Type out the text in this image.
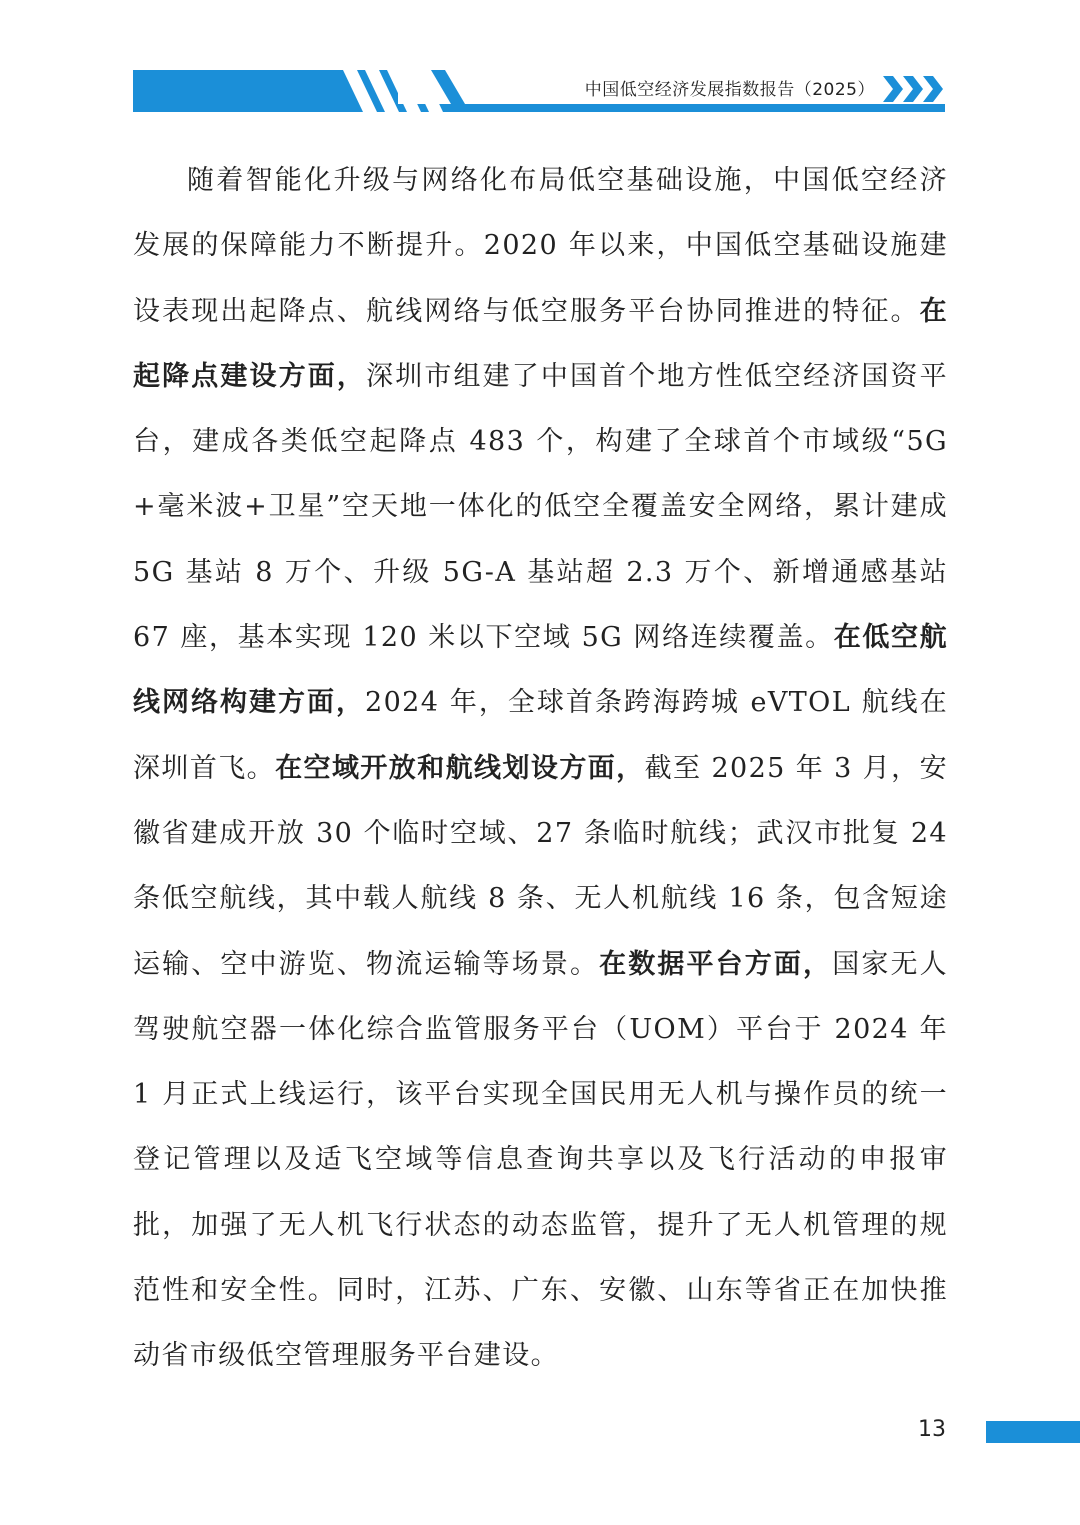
中国低空经济发展指数报告（2025）

随着智能化升级与网络化布局低空基础设施，中国低空经济发展的保障能力不断提升。2020 年以来，中国低空基础设施建设表现出起降点、航线网络与低空服务平台协同推进的特征。在起降点建设方面，深圳市组建了中国首个地方性低空经济国资平台，建成各类低空起降点 483 个，构建了全球首个市域级“5G+毫米波+卫星”空天地一体化的低空全覆盖安全网络，累计建成 5G 基站 8 万个、升级 5G-A 基站超 2.3 万个、新增通感基站 67 座，基本实现 120 米以下空域 5G 网络连续覆盖。在低空航线网络构建方面，2024 年，全球首条跨海跨城 eVTOL 航线在深圳首飞。在空域开放和航线划设方面，截至 2025 年 3 月，安徽省建成开放 30 个临时空域、27 条临时航线；武汉市批复 24 条低空航线，其中载人航线 8 条、无人机航线 16 条，包含短途运输、空中游览、物流运输等场景。在数据平台方面，国家无人驾驶航空器一体化综合监管服务平台（UOM）平台于 2024 年 1 月正式上线运行，该平台实现全国民用无人机与操作员的统一登记管理以及适飞空域等信息查询共享以及飞行活动的申报审批，加强了无人机飞行状态的动态监管，提升了无人机管理的规范性和安全性。同时，江苏、广东、安徽、山东等省正在加快推动省市级低空管理服务平台建设。

13
